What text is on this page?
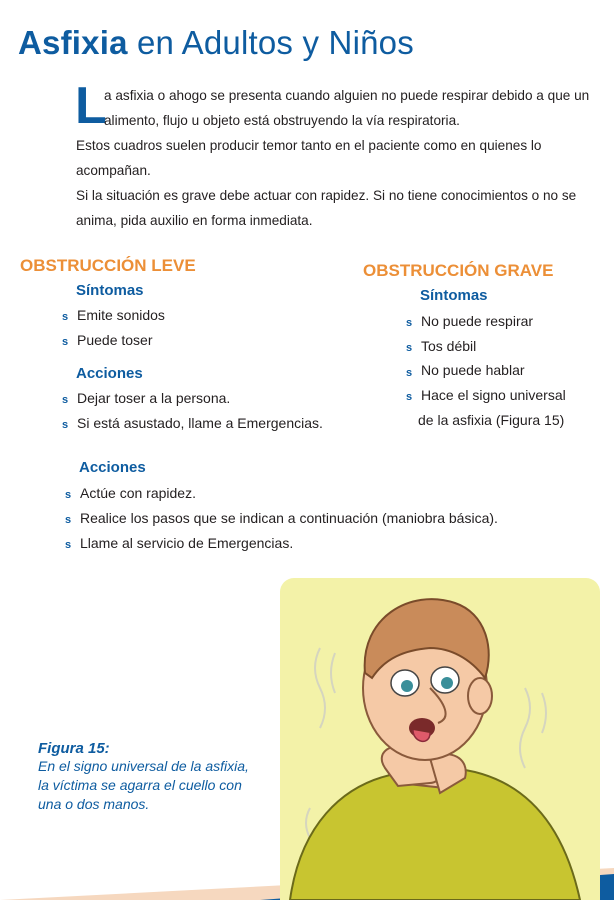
Asfixia en Adultos y Niños
L
a asfixia o ahogo se presenta cuando alguien no puede respirar debido a que un
alimento, flujo u objeto está obstruyendo la vía respiratoria.
Estos cuadros suelen producir temor tanto en el paciente como en quienes lo
acompañan.
Si la situación es grave debe actuar con rapidez. Si no tiene conocimientos o no se
anima, pida auxilio en forma inmediata.
OBSTRUCCIÓN LEVE
Síntomas
s Emite sonidos
s Puede toser
Acciones
s Dejar toser a la persona.
s Si está asustado, llame a Emergencias.
OBSTRUCCIÓN GRAVE
Síntomas
s No puede respirar
s Tos débil
s No puede hablar
s Hace el signo universal
de la asfixia (Figura 15)
Acciones
s Actúe con rapidez.
s Realice los pasos que se indican a continuación (maniobra básica).
s Llame al servicio de Emergencias.
Figura 15:
En el signo universal de la asfixia,
la víctima se agarra el cuello con
una o dos manos.
